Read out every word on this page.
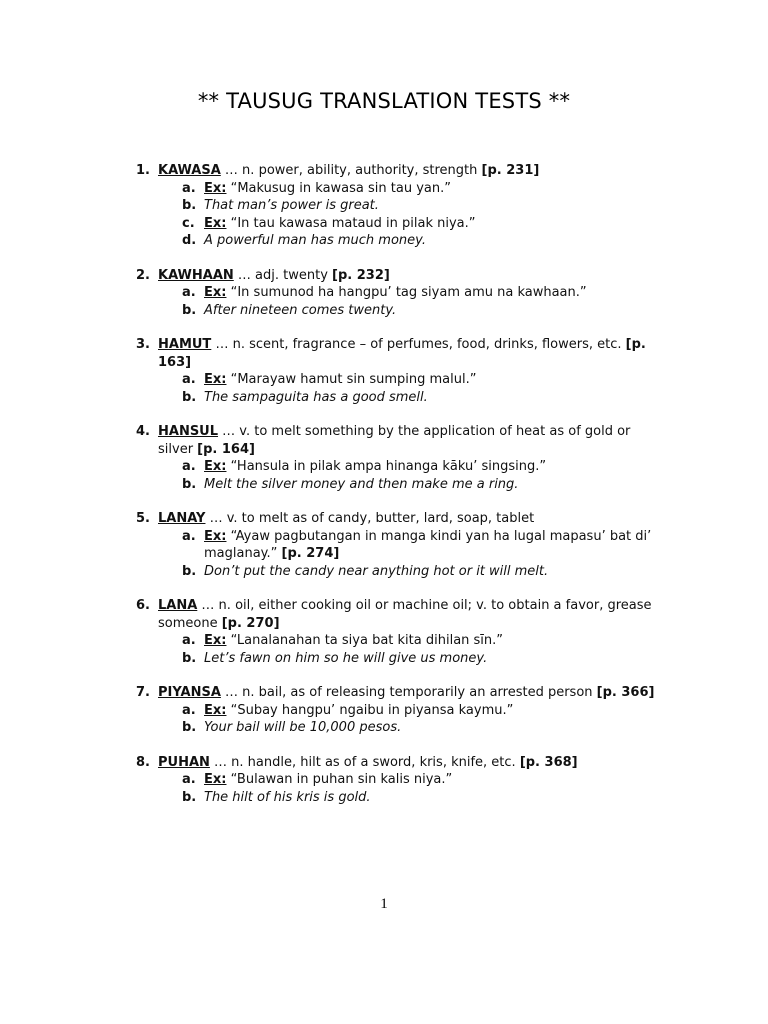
** TAUSUG TRANSLATION TESTS **
1. KAWASA … n. power, ability, authority, strength [p. 231]
a. Ex: “Makusug in kawasa sin tau yan.”
b. That man’s power is great.
c. Ex: “In tau kawasa mataud in pilak niya.”
d. A powerful man has much money.
2. KAWHAAN … adj. twenty [p. 232]
a. Ex: “In sumunod ha hangpu’ tag siyam amu na kawhaan.”
b. After nineteen comes twenty.
3. HAMUT … n. scent, fragrance – of perfumes, food, drinks, flowers, etc. [p. 163]
a. Ex: “Marayaw hamut sin sumping malul.”
b. The sampaguita has a good smell.
4. HANSUL … v. to melt something by the application of heat as of gold or silver [p. 164]
a. Ex: “Hansula in pilak ampa hinanga kāku’ singsing.”
b. Melt the silver money and then make me a ring.
5. LANAY … v. to melt as of candy, butter, lard, soap, tablet
a. Ex: “Ayaw pagbutangan in manga kindi yan ha lugal mapasu’ bat di’ maglanay.” [p. 274]
b. Don’t put the candy near anything hot or it will melt.
6. LANA … n. oil, either cooking oil or machine oil; v. to obtain a favor, grease someone [p. 270]
a. Ex: “Lanalanahan ta siya bat kita dihilan sīn.”
b. Let’s fawn on him so he will give us money.
7. PIYANSA … n. bail, as of releasing temporarily an arrested person [p. 366]
a. Ex: “Subay hangpu’ ngaibu in piyansa kaymu.”
b. Your bail will be 10,000 pesos.
8. PUHAN … n. handle, hilt as of a sword, kris, knife, etc. [p. 368]
a. Ex: “Bulawan in puhan sin kalis niya.”
b. The hilt of his kris is gold.
1
